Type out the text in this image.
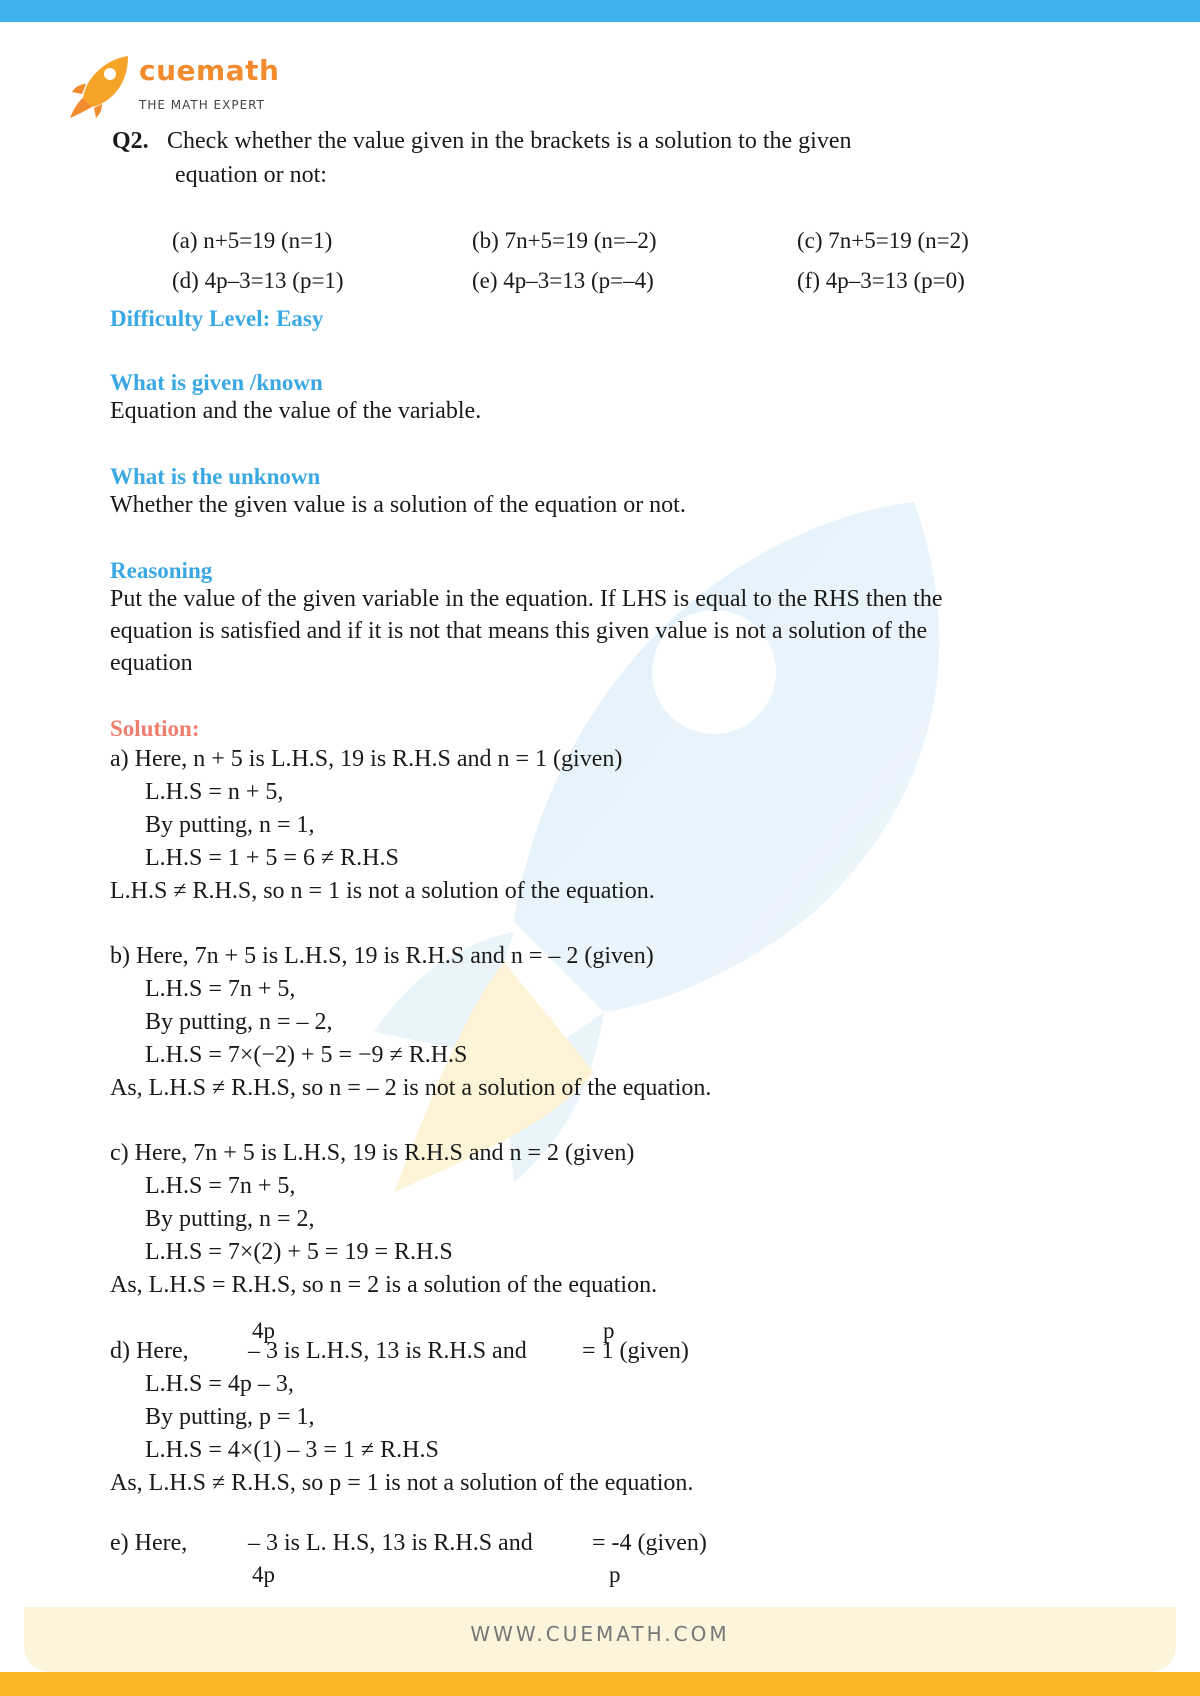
cuemath
THE MATH EXPERT
Q2. Check whether the value given in the brackets is a solution to the given
equation or not:
(a) n+5=19 (n=1)	(b) 7n+5=19 (n=–2)	(c) 7n+5=19 (n=2)
(d) 4p–3=13 (p=1)	(e) 4p–3=13 (p=–4)	(f) 4p–3=13 (p=0)
Difficulty Level: Easy
What is given /known
Equation and the value of the variable.
What is the unknown
Whether the given value is a solution of the equation or not.
Reasoning
Put the value of the given variable in the equation. If LHS is equal to the RHS then the
equation is satisfied and if it is not that means this given value is not a solution of the
equation
Solution:
a) Here, n + 5 is L.H.S, 19 is R.H.S and n = 1 (given)
L.H.S = n + 5,
By putting, n = 1,
L.H.S = 1 + 5 = 6 ≠ R.H.S
L.H.S ≠ R.H.S, so n = 1 is not a solution of the equation.
b) Here, 7n + 5 is L.H.S, 19 is R.H.S and n = – 2 (given)
L.H.S = 7n + 5,
By putting, n = – 2,
L.H.S = 7×(−2) + 5 = −9 ≠ R.H.S
As, L.H.S ≠ R.H.S, so n = – 2 is not a solution of the equation.
c) Here, 7n + 5 is L.H.S, 19 is R.H.S and n = 2 (given)
L.H.S = 7n + 5,
By putting, n = 2,
L.H.S = 7×(2) + 5 = 19 = R.H.S
As, L.H.S = R.H.S, so n = 2 is a solution of the equation.
4p	p
d) Here, – 3 is L.H.S, 13 is R.H.S and = 1 (given)
L.H.S = 4p – 3,
By putting, p = 1,
L.H.S = 4×(1) – 3 = 1 ≠ R.H.S
As, L.H.S ≠ R.H.S, so p = 1 is not a solution of the equation.
e) Here,	– 3 is L. H.S, 13 is R.H.S and = -4 (given)
4p	p
WWW.CUEMATH.COM
